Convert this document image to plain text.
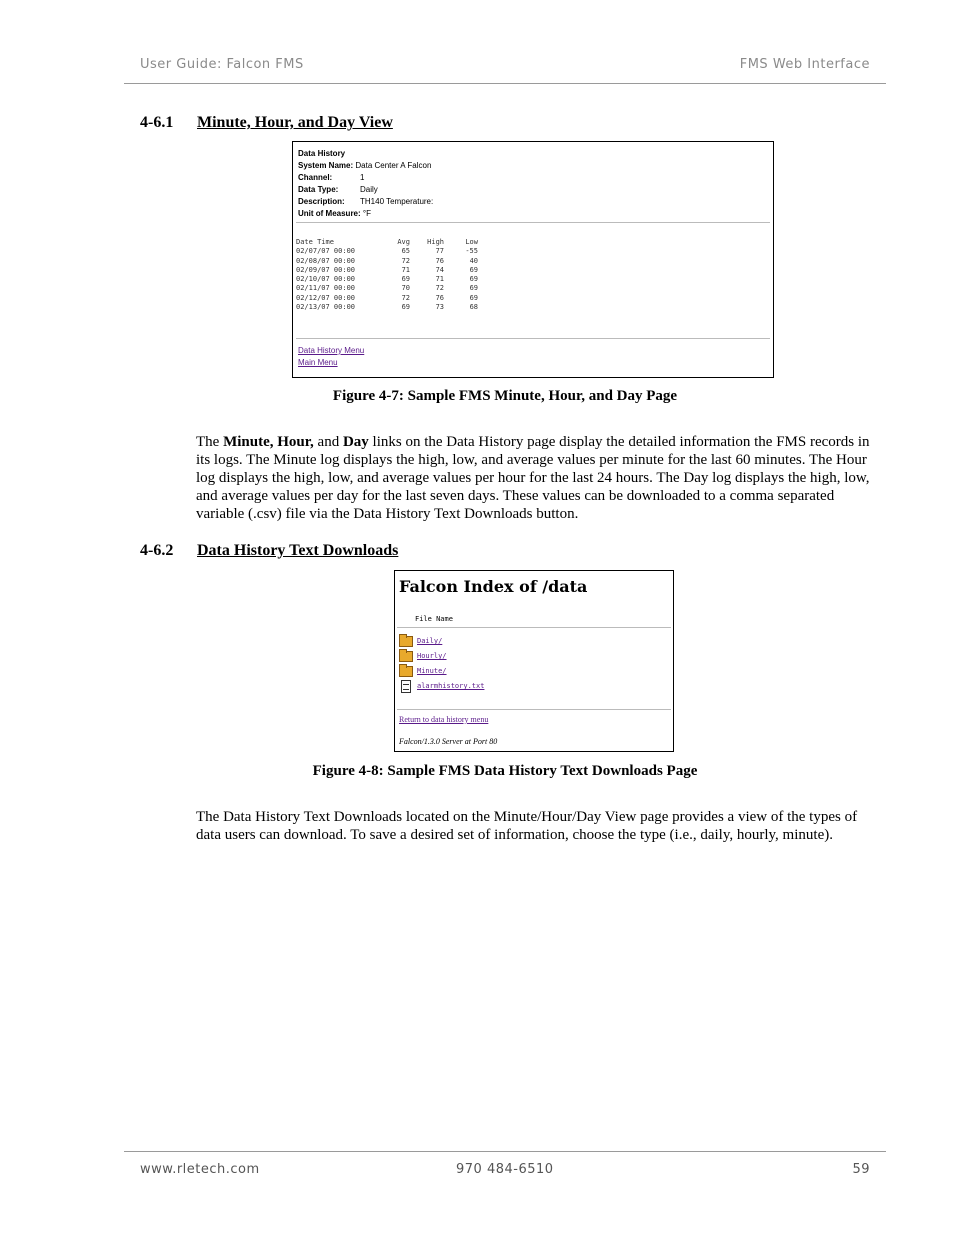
User Guide: Falcon FMS	FMS Web Interface
4-6.1 Minute, Hour, and Day View
Data History
System Name: Data Center A Falcon
Channel:	1
Data Type:	Daily
Description: TH140 Temperature:
Unit of Measure: °F
Date Time	Avg	High	Low
02/07/07 00:00	65	77	-55
02/08/07 00:00	72	76	40
02/09/07 00:00	71	74	69
02/10/07 00:00	69	71	69
02/11/07 00:00	70	72	69
02/12/07 00:00	72	76	69
02/13/07 00:00	69	73	68
Data History Menu
Main Menu
Figure 4-7: Sample FMS Minute, Hour, and Day Page

The Minute, Hour, and Day links on the Data History page display the detailed information the FMS records in its logs. The Minute log displays the high, low, and average values per minute for the last 60 minutes. The Hour log displays the high, low, and average values per hour for the last 24 hours. The Day log displays the high, low, and average values per day for the last seven days. These values can be downloaded to a comma separated variable (.csv) file via the Data History Text Downloads button.

4-6.2 Data History Text Downloads
Falcon Index of /data
File Name
Daily/
Hourly/
Minute/
alarmhistory.txt
Return to data history menu
Falcon/1.3.0 Server at Port 80
Figure 4-8: Sample FMS Data History Text Downloads Page

The Data History Text Downloads located on the Minute/Hour/Day View page provides a view of the types of data users can download. To save a desired set of information, choose the type (i.e., daily, hourly, minute).

www.rletech.com	970 484-6510	59
